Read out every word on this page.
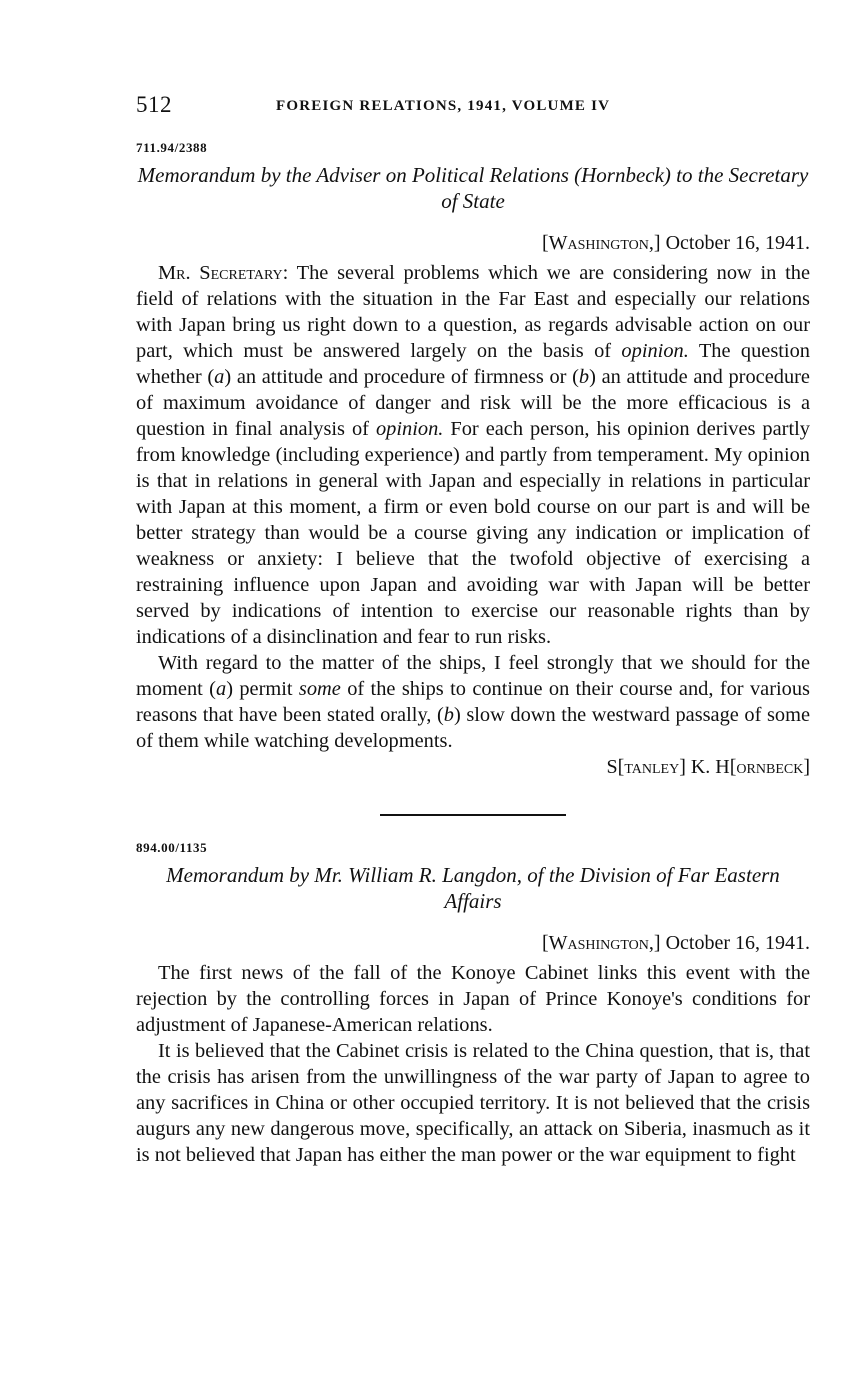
512	FOREIGN RELATIONS, 1941, VOLUME IV
711.94/2388
Memorandum by the Adviser on Political Relations (Hornbeck) to the Secretary of State
[Washington,] October 16, 1941.

Mr. Secretary: The several problems which we are considering now in the field of relations with the situation in the Far East and especially our relations with Japan bring us right down to a question, as regards advisable action on our part, which must be answered largely on the basis of opinion. The question whether (a) an attitude and procedure of firmness or (b) an attitude and procedure of maximum avoidance of danger and risk will be the more efficacious is a question in final analysis of opinion. For each person, his opinion derives partly from knowledge (including experience) and partly from temperament. My opinion is that in relations in general with Japan and especially in relations in particular with Japan at this moment, a firm or even bold course on our part is and will be better strategy than would be a course giving any indication or implication of weakness or anxiety: I believe that the twofold objective of exercising a restraining influence upon Japan and avoiding war with Japan will be better served by indications of intention to exercise our reasonable rights than by indications of a disinclination and fear to run risks.

With regard to the matter of the ships, I feel strongly that we should for the moment (a) permit some of the ships to continue on their course and, for various reasons that have been stated orally, (b) slow down the westward passage of some of them while watching developments.

S[tanley] K. H[ornbeck]
894.00/1135
Memorandum by Mr. William R. Langdon, of the Division of Far Eastern Affairs
[Washington,] October 16, 1941.

The first news of the fall of the Konoye Cabinet links this event with the rejection by the controlling forces in Japan of Prince Konoye's conditions for adjustment of Japanese-American relations.

It is believed that the Cabinet crisis is related to the China question, that is, that the crisis has arisen from the unwillingness of the war party of Japan to agree to any sacrifices in China or other occupied territory. It is not believed that the crisis augurs any new dangerous move, specifically, an attack on Siberia, inasmuch as it is not believed that Japan has either the man power or the war equipment to fight
